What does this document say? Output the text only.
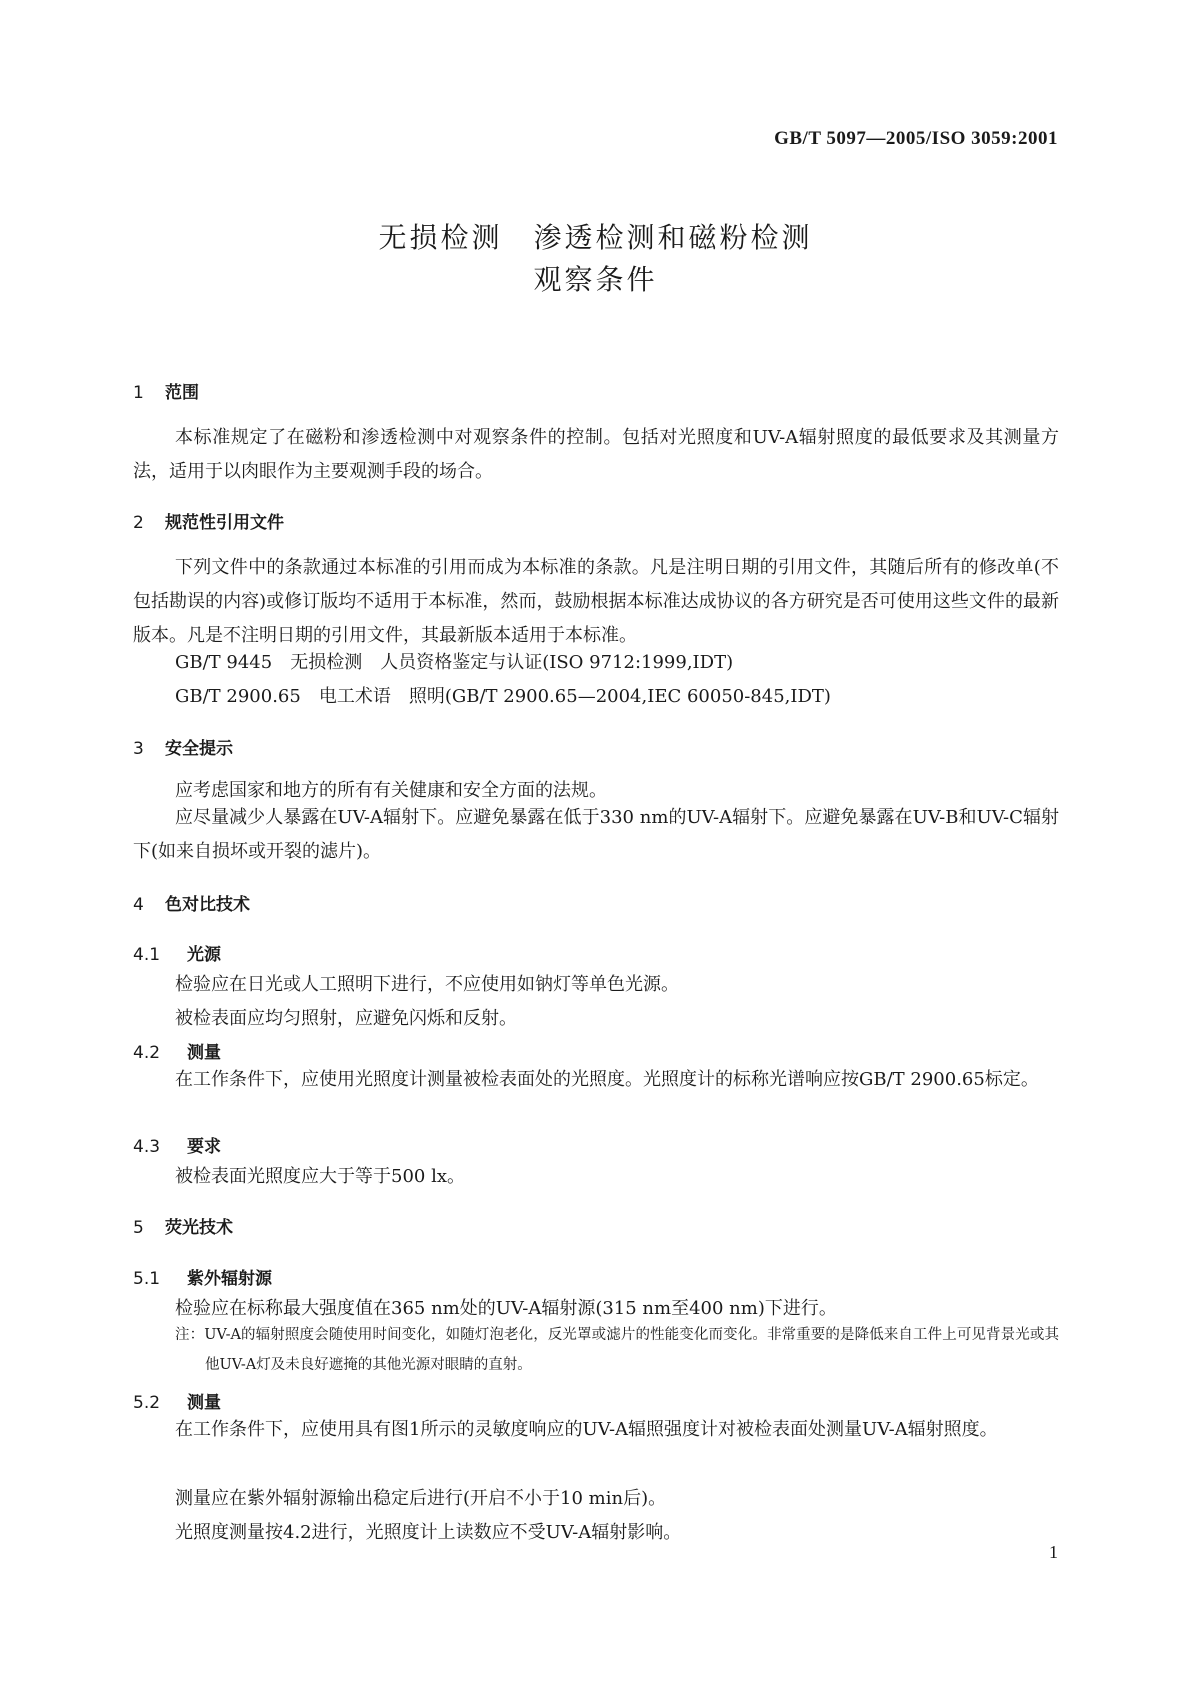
GB/T 5097—2005/ISO 3059:2001
无损检测　渗透检测和磁粉检测
观察条件
1 范围
本标准规定了在磁粉和渗透检测中对观察条件的控制。包括对光照度和UV-A辐射照度的最低要求及其测量方法，适用于以肉眼作为主要观测手段的场合。
2 规范性引用文件
下列文件中的条款通过本标准的引用而成为本标准的条款。凡是注明日期的引用文件，其随后所有的修改单(不包括勘误的内容)或修订版均不适用于本标准，然而，鼓励根据本标准达成协议的各方研究是否可使用这些文件的最新版本。凡是不注明日期的引用文件，其最新版本适用于本标准。
GB/T 9445　无损检测　人员资格鉴定与认证(ISO 9712:1999,IDT)
GB/T 2900.65　电工术语　照明(GB/T 2900.65—2004,IEC 60050-845,IDT)
3 安全提示
应考虑国家和地方的所有有关健康和安全方面的法规。
应尽量减少人暴露在UV-A辐射下。应避免暴露在低于330 nm的UV-A辐射下。应避免暴露在UV-B和UV-C辐射下(如来自损坏或开裂的滤片)。
4 色对比技术
4.1 光源
检验应在日光或人工照明下进行，不应使用如钠灯等单色光源。
被检表面应均匀照射，应避免闪烁和反射。
4.2 测量
在工作条件下，应使用光照度计测量被检表面处的光照度。光照度计的标称光谱响应按GB/T 2900.65标定。
4.3 要求
被检表面光照度应大于等于500 lx。
5 荧光技术
5.1 紫外辐射源
检验应在标称最大强度值在365 nm处的UV-A辐射源(315 nm至400 nm)下进行。
注：UV-A的辐射照度会随使用时间变化，如随灯泡老化，反光罩或滤片的性能变化而变化。非常重要的是降低来自工件上可见背景光或其他UV-A灯及未良好遮掩的其他光源对眼睛的直射。
5.2 测量
在工作条件下，应使用具有图1所示的灵敏度响应的UV-A辐照强度计对被检表面处测量UV-A辐射照度。
测量应在紫外辐射源输出稳定后进行(开启不小于10 min后)。
光照度测量按4.2进行，光照度计上读数应不受UV-A辐射影响。
1
